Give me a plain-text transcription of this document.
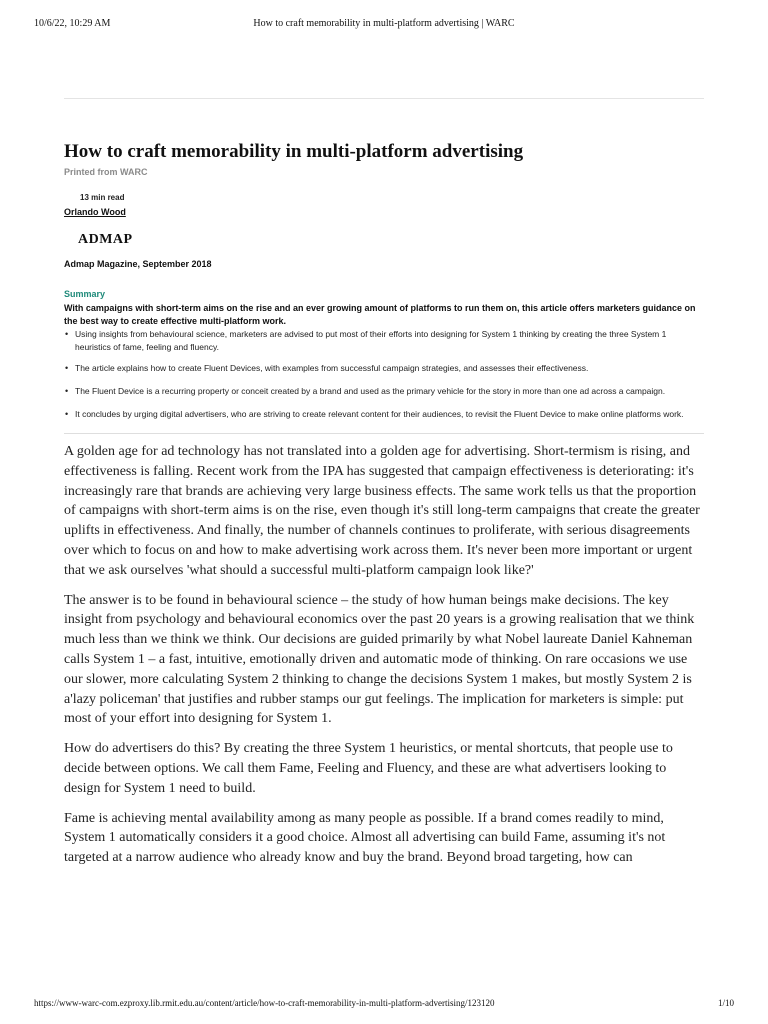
10/6/22, 10:29 AM	How to craft memorability in multi-platform advertising | WARC
How to craft memorability in multi-platform advertising
Printed from WARC
13 min read
Orlando Wood
ADMAP
Admap Magazine, September 2018
Summary
With campaigns with short-term aims on the rise and an ever growing amount of platforms to run them on, this article offers marketers guidance on the best way to create effective multi-platform work.
• Using insights from behavioural science, marketers are advised to put most of their efforts into designing for System 1 thinking by creating the three System 1 heuristics of fame, feeling and fluency.
• The article explains how to create Fluent Devices, with examples from successful campaign strategies, and assesses their effectiveness.
• The Fluent Device is a recurring property or conceit created by a brand and used as the primary vehicle for the story in more than one ad across a campaign.
• It concludes by urging digital advertisers, who are striving to create relevant content for their audiences, to revisit the Fluent Device to make online platforms work.

A golden age for ad technology has not translated into a golden age for advertising. Short-termism is rising, and effectiveness is falling. Recent work from the IPA has suggested that campaign effectiveness is deteriorating: it's increasingly rare that brands are achieving very large business effects. The same work tells us that the proportion of campaigns with short-term aims is on the rise, even though it's still long-term campaigns that create the greater uplifts in effectiveness. And finally, the number of channels continues to proliferate, with serious disagreements over which to focus on and how to make advertising work across them. It's never been more important or urgent that we ask ourselves 'what should a successful multi-platform campaign look like?'

The answer is to be found in behavioural science – the study of how human beings make decisions. The key insight from psychology and behavioural economics over the past 20 years is a growing realisation that we think much less than we think we think. Our decisions are guided primarily by what Nobel laureate Daniel Kahneman calls System 1 – a fast, intuitive, emotionally driven and automatic mode of thinking. On rare occasions we use our slower, more calculating System 2 thinking to change the decisions System 1 makes, but mostly System 2 is a'lazy policeman' that justifies and rubber stamps our gut feelings. The implication for marketers is simple: put most of your effort into designing for System 1.

How do advertisers do this? By creating the three System 1 heuristics, or mental shortcuts, that people use to decide between options. We call them Fame, Feeling and Fluency, and these are what advertisers looking to design for System 1 need to build.

Fame is achieving mental availability among as many people as possible. If a brand comes readily to mind, System 1 automatically considers it a good choice. Almost all advertising can build Fame, assuming it's not targeted at a narrow audience who already know and buy the brand. Beyond broad targeting, how can

https://www-warc-com.ezproxy.lib.rmit.edu.au/content/article/how-to-craft-memorability-in-multi-platform-advertising/123120	1/10
